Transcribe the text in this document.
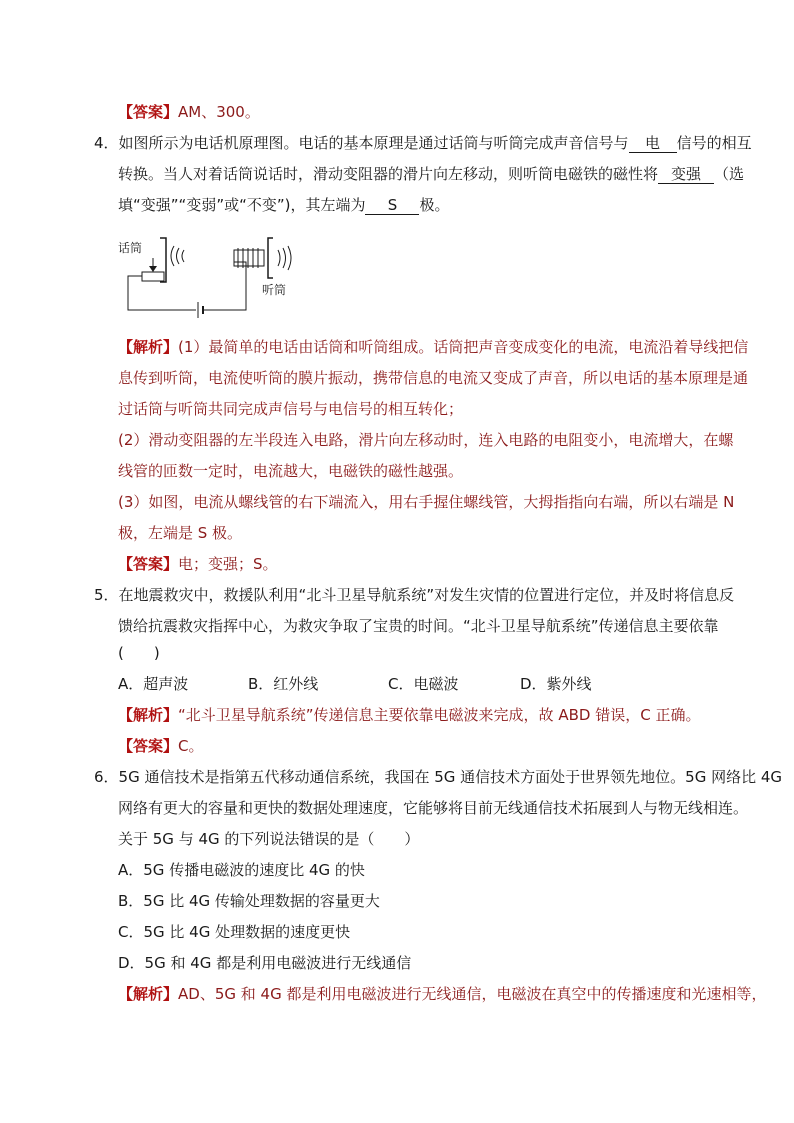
【答案】AM、300。
4．如图所示为电话机原理图。电话的基本原理是通过话筒与听筒完成声音信号与 电 信号的相互
转换。当人对着话筒说话时，滑动变阻器的滑片向左移动，则听筒电磁铁的磁性将 变强 （选
填“变强”“变弱”或“不变”)，其左端为 S 极。
话筒
听筒
【解析】(1）最简单的电话由话筒和听筒组成。话筒把声音变成变化的电流，电流沿着导线把信
息传到听筒，电流使听筒的膜片振动，携带信息的电流又变成了声音，所以电话的基本原理是通
过话筒与听筒共同完成声信号与电信号的相互转化；
(2）滑动变阻器的左半段连入电路，滑片向左移动时，连入电路的电阻变小，电流增大，在螺
线管的匝数一定时，电流越大，电磁铁的磁性越强。
(3）如图，电流从螺线管的右下端流入，用右手握住螺线管，大拇指指向右端，所以右端是 N
极，左端是 S 极。
【答案】电；变强；S。
5．在地震救灾中，救援队利用“北斗卫星导航系统”对发生灾情的位置进行定位，并及时将信息反
馈给抗震救灾指挥中心，为救灾争取了宝贵的时间。“北斗卫星导航系统”传递信息主要依靠
(　　)
A．超声波	B．红外线	C．电磁波	D．紫外线
【解析】“北斗卫星导航系统”传递信息主要依靠电磁波来完成，故 ABD 错误，C 正确。
【答案】C。
6．5G 通信技术是指第五代移动通信系统，我国在 5G 通信技术方面处于世界领先地位。5G 网络比 4G
网络有更大的容量和更快的数据处理速度，它能够将目前无线通信技术拓展到人与物无线相连。
关于 5G 与 4G 的下列说法错误的是（　　）
A．5G 传播电磁波的速度比 4G 的快
B．5G 比 4G 传输处理数据的容量更大
C．5G 比 4G 处理数据的速度更快
D．5G 和 4G 都是利用电磁波进行无线通信
【解析】AD、5G 和 4G 都是利用电磁波进行无线通信，电磁波在真空中的传播速度和光速相等，
